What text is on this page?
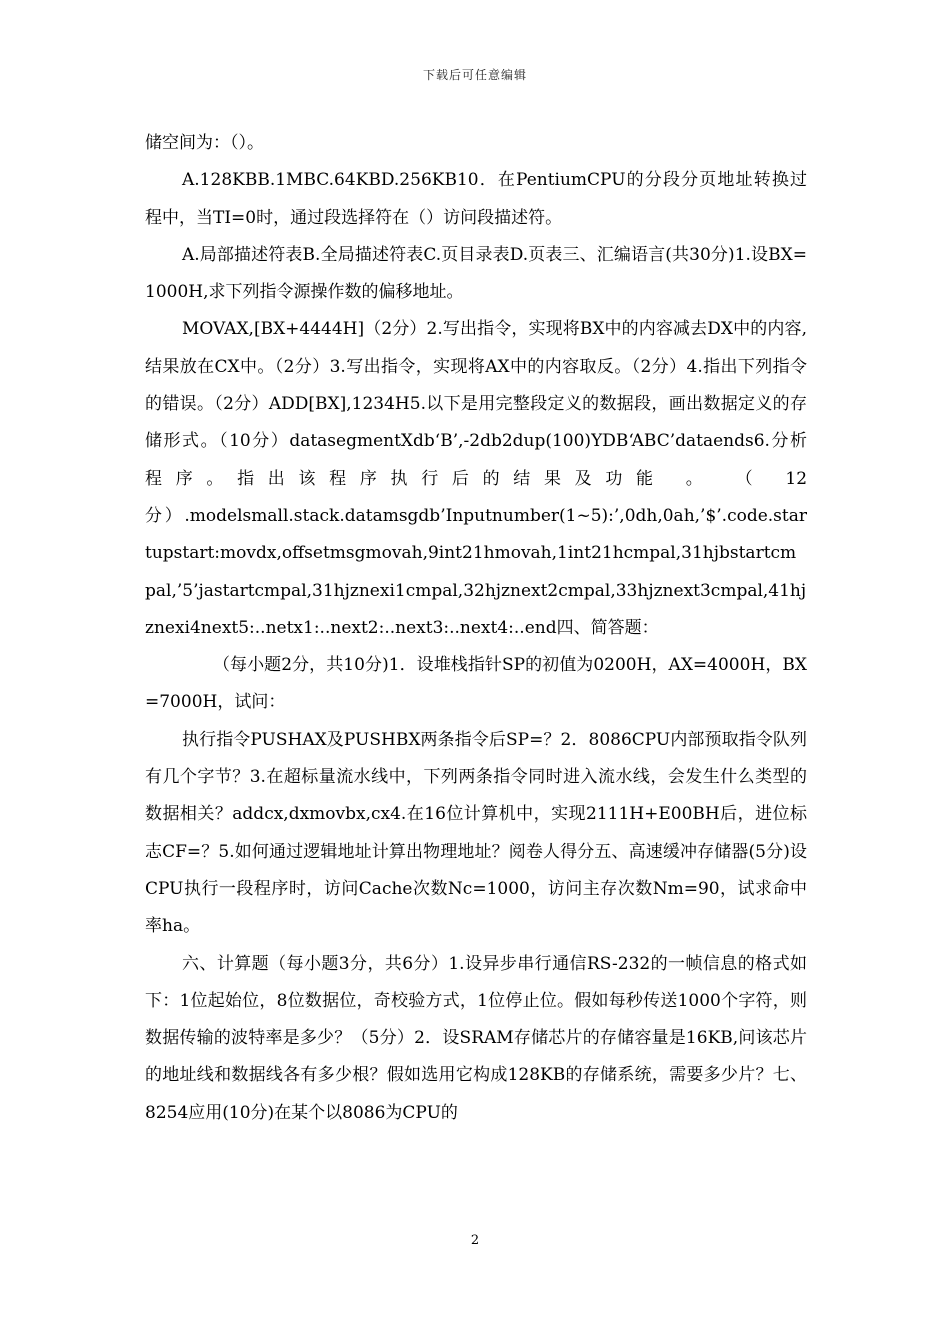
下载后可任意编辑

储空间为：（）。

A.128KBB.1MBC.64KBD.256KB10．在PentiumCPU的分段分页地址转换过程中，当TI=0时，通过段选择符在（）访问段描述符。

A.局部描述符表B.全局描述符表C.页目录表D.页表三、汇编语言(共30分)1.设BX=1000H,求下列指令源操作数的偏移地址。

MOVAX,[BX+4444H]（2分）2.写出指令，实现将BX中的内容减去DX中的内容,结果放在CX中。（2分）3.写出指令，实现将AX中的内容取反。（2分）4.指出下列指令的错误。（2分）ADD[BX],1234H5.以下是用完整段定义的数据段，画出数据定义的存储形式。（10分）datasegmentXdb‘B’,-2db2dup(100)YDB‘ABC’dataends6.分析程序。指出该程序执行后的结果及功能 。 （ 12

分）.modelsmall.stack.datamsgdb’Inputnumber(1~5):’,0dh,0ah,’$’.code.startupstart:movdx,offsetmsgmovah,9int21hmovah,1int21hcmpal,31hjbstartcmpal,’5’jastartcmpal,31hjznexi1cmpal,32hjznext2cmpal,33hjznext3cmpal,41hjznexi4next5:..netx1:..next2:..next3:..next4:..end四、简答题：

（每小题2分，共10分)1．设堆栈指针SP的初值为0200H，AX=4000H，BX=7000H，试问：

执行指令PUSHAX及PUSHBX两条指令后SP=？2．8086CPU内部预取指令队列有几个字节？3.在超标量流水线中，下列两条指令同时进入流水线，会发生什么类型的数据相关？addcx,dxmovbx,cx4.在16位计算机中，实现2111H+E00BH后，进位标志CF=？5.如何通过逻辑地址计算出物理地址？阅卷人得分五、高速缓冲存储器(5分)设CPU执行一段程序时，访问Cache次数Nc=1000，访问主存次数Nm=90，试求命中率ha。

六、计算题（每小题3分，共6分）1.设异步串行通信RS-232的一帧信息的格式如下：1位起始位，8位数据位，奇校验方式，1位停止位。假如每秒传送1000个字符，则数据传输的波特率是多少？（5分）2．设SRAM存储芯片的存储容量是16KB,问该芯片的地址线和数据线各有多少根？假如选用它构成128KB的存储系统，需要多少片？七、8254应用(10分)在某个以8086为CPU的

2
